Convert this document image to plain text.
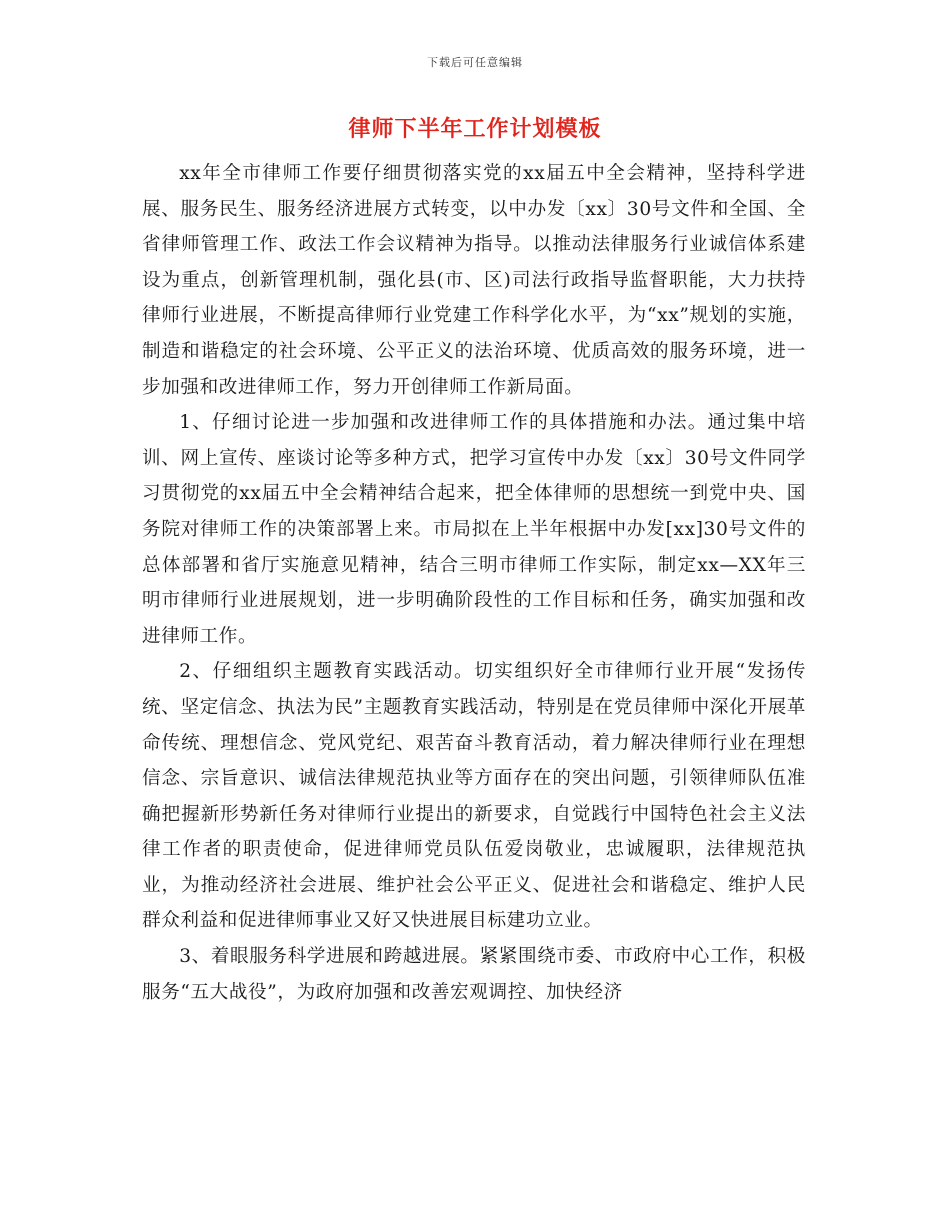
下载后可任意编辑
律师下半年工作计划模板

xx年全市律师工作要仔细贯彻落实党的xx届五中全会精神，坚持科学进展、服务民生、服务经济进展方式转变，以中办发〔xx〕30号文件和全国、全省律师管理工作、政法工作会议精神为指导。以推动法律服务行业诚信体系建设为重点，创新管理机制，强化县(市、区)司法行政指导监督职能，大力扶持律师行业进展，不断提高律师行业党建工作科学化水平，为“xx”规划的实施，制造和谐稳定的社会环境、公平正义的法治环境、优质高效的服务环境，进一步加强和改进律师工作，努力开创律师工作新局面。

1、仔细讨论进一步加强和改进律师工作的具体措施和办法。通过集中培训、网上宣传、座谈讨论等多种方式，把学习宣传中办发〔xx〕30号文件同学习贯彻党的xx届五中全会精神结合起来，把全体律师的思想统一到党中央、国务院对律师工作的决策部署上来。市局拟在上半年根据中办发[xx]30号文件的总体部署和省厅实施意见精神，结合三明市律师工作实际，制定xx—XX年三明市律师行业进展规划，进一步明确阶段性的工作目标和任务，确实加强和改进律师工作。

2、仔细组织主题教育实践活动。切实组织好全市律师行业开展“发扬传统、坚定信念、执法为民”主题教育实践活动，特别是在党员律师中深化开展革命传统、理想信念、党风党纪、艰苦奋斗教育活动，着力解决律师行业在理想信念、宗旨意识、诚信法律规范执业等方面存在的突出问题，引领律师队伍准确把握新形势新任务对律师行业提出的新要求，自觉践行中国特色社会主义法律工作者的职责使命，促进律师党员队伍爱岗敬业，忠诚履职，法律规范执业，为推动经济社会进展、维护社会公平正义、促进社会和谐稳定、维护人民群众利益和促进律师事业又好又快进展目标建功立业。

3、着眼服务科学进展和跨越进展。紧紧围绕市委、市政府中心工作，积极服务“五大战役”，为政府加强和改善宏观调控、加快经济
